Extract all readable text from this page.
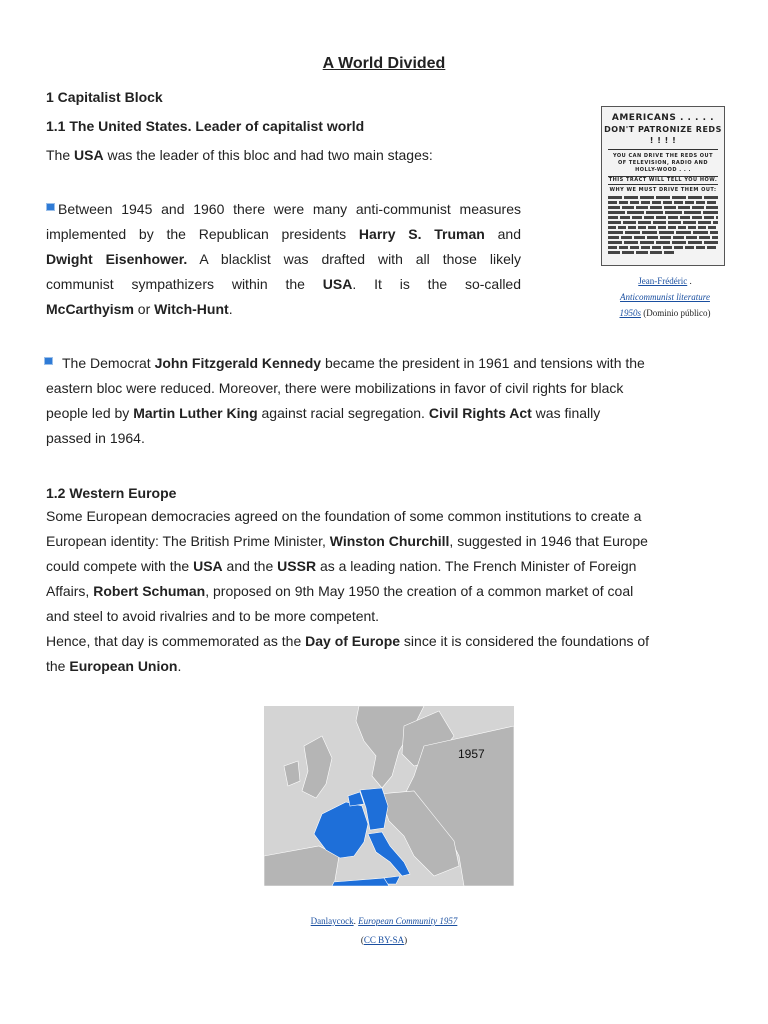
A World Divided
1 Capitalist Block
1.1 The United States. Leader of capitalist world
The USA was the leader of this bloc and had two main stages:
Between 1945 and 1960 there were many anti-communist measures
implemented by the Republican presidents Harry S. Truman and
Dwight Eisenhower. A blacklist was drafted with all those likely
communist sympathizers within the USA. It is the so-called
McCarthyism or Witch-Hunt.
AMERICANS . . . . .
DON'T PATRONIZE REDS ! ! ! !
YOU CAN DRIVE THE REDS OUT OF TELEVISION, RADIO AND HOLLY-WOOD . . .
THIS TRACT WILL TELL YOU HOW.
WHY WE MUST DRIVE THEM OUT:
Jean-Frédéric .
Anticommunist literature
1950s (Dominio público)
The Democrat John Fitzgerald Kennedy became the president in 1961 and tensions with the
eastern bloc were reduced. Moreover, there were mobilizations in favor of civil rights for black
people led by Martin Luther King against racial segregation. Civil Rights Act was finally
passed in 1964.
1.2 Western Europe
Some European democracies agreed on the foundation of some common institutions to create a
European identity: The British Prime Minister, Winston Churchill, suggested in 1946 that Europe
could compete with the USA and the USSR as a leading nation. The French Minister of Foreign
Affairs, Robert Schuman, proposed on 9th May 1950 the creation of a common market of coal
and steel to avoid rivalries and to be more competent.
Hence, that day is commemorated as the Day of Europe since it is considered the foundations of
the European Union.
1957
Danlaycock. European Community 1957
(CC BY-SA)
